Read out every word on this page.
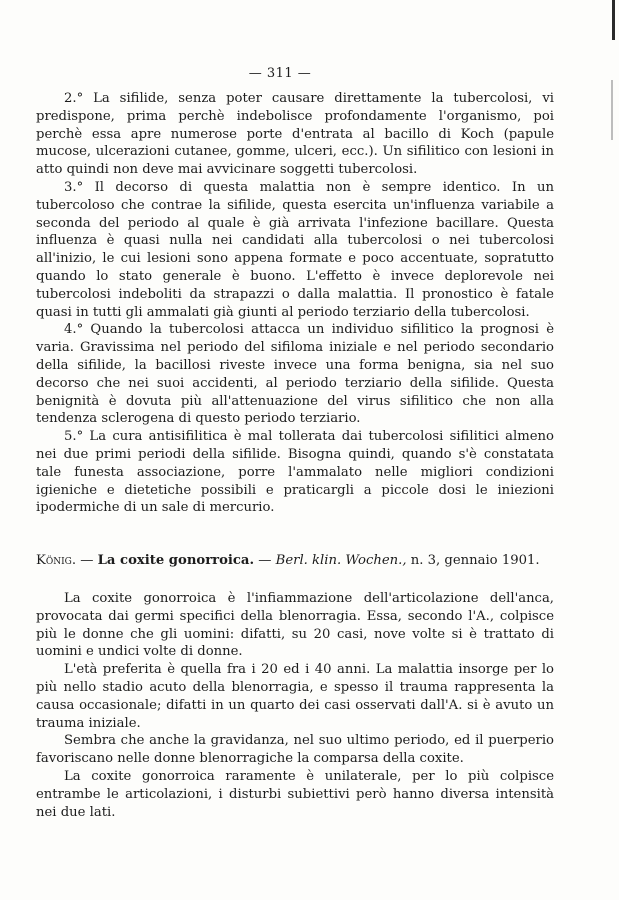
— 311 —

2.° La sifilide, senza poter causare direttamente la tubercolosi, vi predispone, prima perchè indebolisce profondamente l'organismo, poi perchè essa apre numerose porte d'entrata al bacillo di Koch (papule mucose, ulcerazioni cutanee, gomme, ulceri, ecc.). Un sifilitico con lesioni in atto quindi non deve mai avvicinare soggetti tubercolosi.

3.° Il decorso di questa malattia non è sempre identico. In un tubercoloso che contrae la sifilide, questa esercita un'influenza variabile a seconda del periodo al quale è già arrivata l'infezione bacillare. Questa influenza è quasi nulla nei candidati alla tubercolosi o nei tubercolosi all'inizio, le cui lesioni sono appena formate e poco accentuate, sopratutto quando lo stato generale è buono. L'effetto è invece deplorevole nei tubercolosi indeboliti da strapazzi o dalla malattia. Il pronostico è fatale quasi in tutti gli ammalati già giunti al periodo terziario della tubercolosi.

4.° Quando la tubercolosi attacca un individuo sifilitico la prognosi è varia. Gravissima nel periodo del sifiloma iniziale e nel periodo secondario della sifilide, la bacillosi riveste invece una forma benigna, sia nel suo decorso che nei suoi accidenti, al periodo terziario della sifilide. Questa benignità è dovuta più all'attenuazione del virus sifilitico che non alla tendenza sclerogena di questo periodo terziario.

5.° La cura antisifilitica è mal tollerata dai tubercolosi sifilitici almeno nei due primi periodi della sifilide. Bisogna quindi, quando s'è constatata tale funesta associazione, porre l'ammalato nelle migliori condizioni igieniche e dietetiche possibili e praticargli a piccole dosi le iniezioni ipodermiche di un sale di mercurio.

König. — La coxite gonorroica. — Berl. klin. Wochen., n. 3, gennaio 1901.

La coxite gonorroica è l'infiammazione dell'articolazione dell'anca, provocata dai germi specifici della blenorragia. Essa, secondo l'A., colpisce più le donne che gli uomini: difatti, su 20 casi, nove volte si è trattato di uomini e undici volte di donne.

L'età preferita è quella fra i 20 ed i 40 anni. La malattia insorge per lo più nello stadio acuto della blenorragia, e spesso il trauma rappresenta la causa occasionale; difatti in un quarto dei casi osservati dall'A. si è avuto un trauma iniziale.

Sembra che anche la gravidanza, nel suo ultimo periodo, ed il puerperio favoriscano nelle donne blenorragiche la comparsa della coxite.

La coxite gonorroica raramente è unilaterale, per lo più colpisce entrambe le articolazioni, i disturbi subiettivi però hanno diversa intensità nei due lati.
